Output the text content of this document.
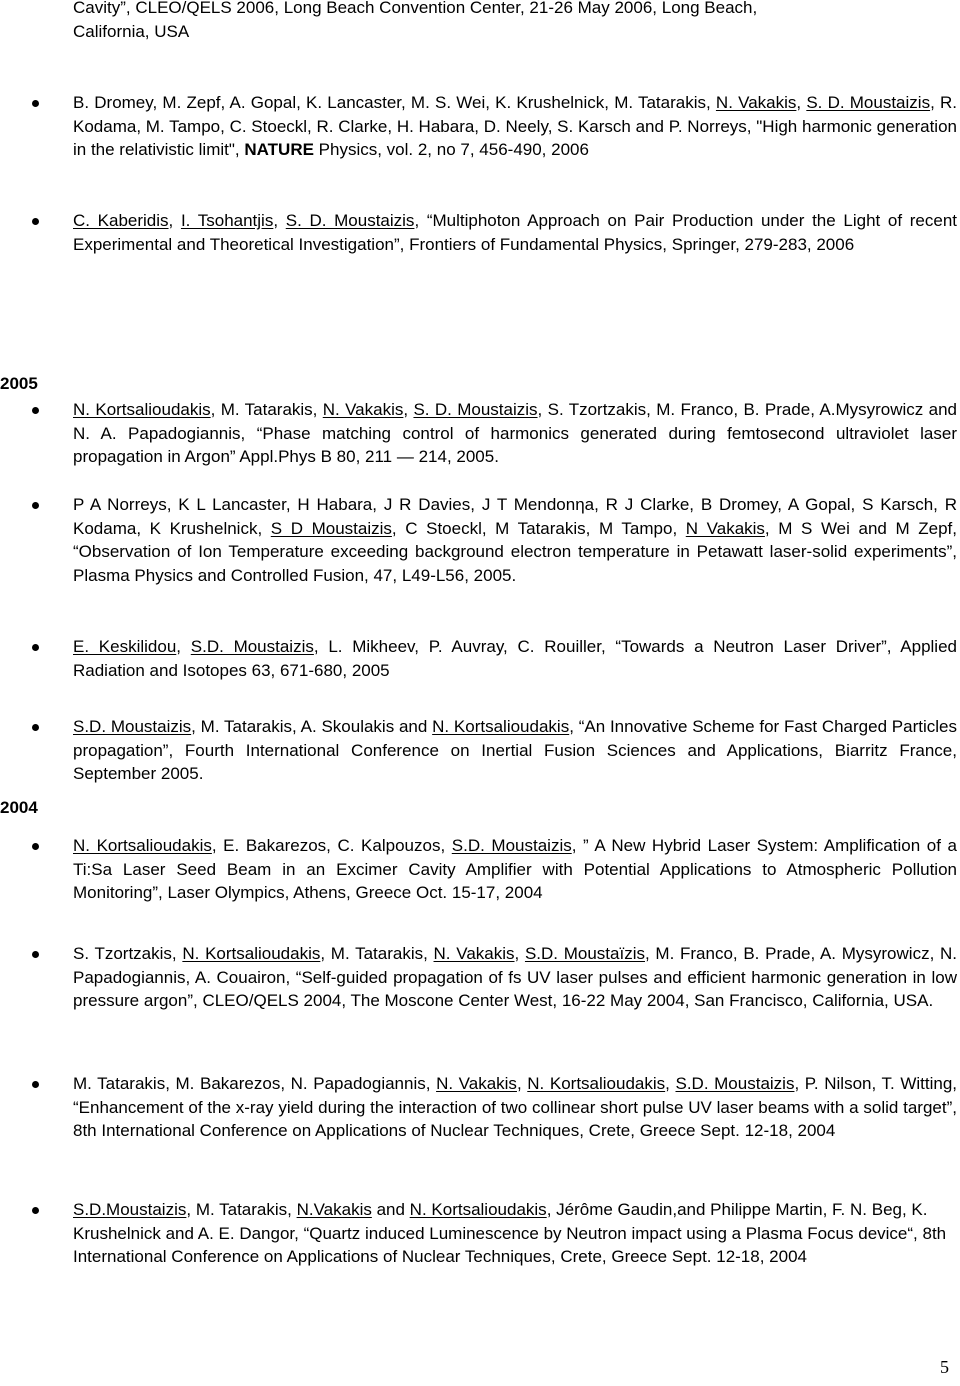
Cavity”, CLEO/QELS 2006, Long Beach Convention Center, 21-26 May 2006, Long Beach,
California, USA
B. Dromey, M. Zepf, A. Gopal, K. Lancaster, M. S. Wei, K. Krushelnick, M. Tatarakis, N. Vakakis, S. D. Moustaizis, R. Kodama, M. Tampo, C. Stoeckl, R. Clarke, H. Habara, D. Neely, S. Karsch and P. Norreys, "High harmonic generation in the relativistic limit", NATURE Physics, vol. 2, no 7, 456-490, 2006
C. Kaberidis, I. Tsohantjis, S. D. Moustaizis, “Multiphoton Approach on Pair Production under the Light of recent Experimental and Theoretical Investigation”, Frontiers of Fundamental Physics, Springer, 279-283, 2006
2005
N. Kortsalioudakis, M. Tatarakis, N. Vakakis, S. D. Moustaizis, S. Tzortzakis, M. Franco, B. Prade, A.Mysyrowicz and N. A. Papadogiannis, “Phase matching control of harmonics generated during femtosecond ultraviolet laser propagation in Argon” Appl.Phys B 80, 211 — 214, 2005.
P A Norreys, K L Lancaster, H Habara, J R Davies, J T Mendonηa, R J Clarke, B Dromey, A Gopal, S Karsch, R Kodama, K Krushelnick, S D Moustaizis, C Stoeckl, M Tatarakis, M Tampo, N Vakakis, M S Wei and M Zepf, “Observation of Ion Temperature exceeding background electron temperature in Petawatt laser-solid experiments”, Plasma Physics and Controlled Fusion, 47, L49-L56, 2005.
E. Keskilidou, S.D. Moustaizis, L. Mikheev, P. Auvray, C. Rouiller, “Towards a Neutron Laser Driver”, Applied Radiation and Isotopes 63, 671-680, 2005
S.D. Moustaizis, M. Tatarakis, A. Skoulakis and N. Kortsalioudakis, “An Innovative Scheme for Fast Charged Particles propagation”, Fourth International Conference on Inertial Fusion Sciences and Applications, Biarritz France, September 2005.
2004
N. Kortsalioudakis, E. Bakarezos, C. Kalpouzos, S.D. Moustaizis, ” A New Hybrid Laser System: Amplification of a Ti:Sa Laser Seed Beam in an Excimer Cavity Amplifier with Potential Applications to Atmospheric Pollution Monitoring”, Laser Olympics, Athens, Greece Oct. 15-17, 2004
S. Tzortzakis, N. Kortsalioudakis, M. Tatarakis, N. Vakakis, S.D. Moustaïzis, M. Franco, B. Prade, A. Mysyrowicz, N. Papadogiannis, A. Couairon, “Self-guided propagation of fs UV laser pulses and efficient harmonic generation in low pressure argon”, CLEO/QELS 2004, The Moscone Center West, 16-22 May 2004, San Francisco, California, USA.
M. Tatarakis, M. Bakarezos, N. Papadogiannis, N. Vakakis, N. Kortsalioudakis, S.D. Moustaizis, P. Nilson, T. Witting, “Enhancement of the x-ray yield during the interaction of two collinear short pulse UV laser beams with a solid target”, 8th International Conference on Applications of Nuclear Techniques, Crete, Greece Sept. 12-18, 2004
S.D.Moustaizis, M. Tatarakis, N.Vakakis and N. Kortsalioudakis, Jérôme Gaudin,and Philippe Martin, F. N. Beg, K. Krushelnick and A. E. Dangor, “Quartz induced Luminescence by Neutron impact using a Plasma Focus device“, 8th International Conference on Applications of Nuclear Techniques, Crete, Greece Sept. 12-18, 2004
5
